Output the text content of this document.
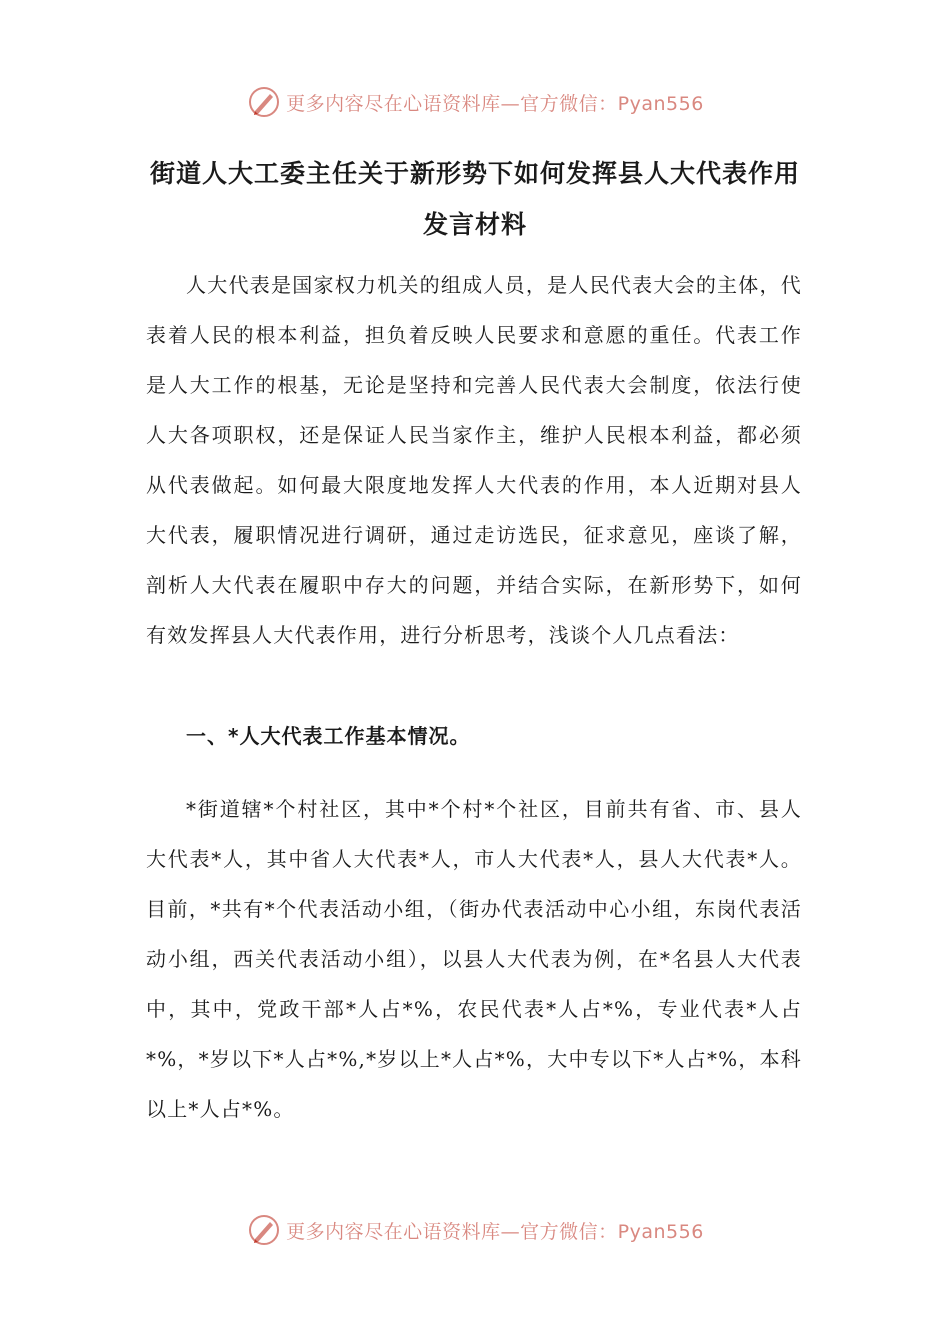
更多内容尽在心语资料库—官方微信：Pyan556
街道人大工委主任关于新形势下如何发挥县人大代表作用
发言材料

人大代表是国家权力机关的组成人员，是人民代表大会的主体，代表着人民的根本利益，担负着反映人民要求和意愿的重任。代表工作是人大工作的根基，无论是坚持和完善人民代表大会制度，依法行使人大各项职权，还是保证人民当家作主，维护人民根本利益，都必须从代表做起。如何最大限度地发挥人大代表的作用，本人近期对县人大代表，履职情况进行调研，通过走访选民，征求意见，座谈了解，剖析人大代表在履职中存大的问题，并结合实际，在新形势下，如何有效发挥县人大代表作用，进行分析思考，浅谈个人几点看法：

一、*人大代表工作基本情况。

*街道辖*个村社区，其中*个村*个社区，目前共有省、市、县人大代表*人，其中省人大代表*人，市人大代表*人，县人大代表*人。目前，*共有*个代表活动小组，（街办代表活动中心小组，东岗代表活动小组，西关代表活动小组），以县人大代表为例，在*名县人大代表中，其中，党政干部*人占*%，农民代表*人占*%，专业代表*人占*%，*岁以下*人占*%,*岁以上*人占*%，大中专以下*人占*%，本科以上*人占*%。

更多内容尽在心语资料库—官方微信：Pyan556
